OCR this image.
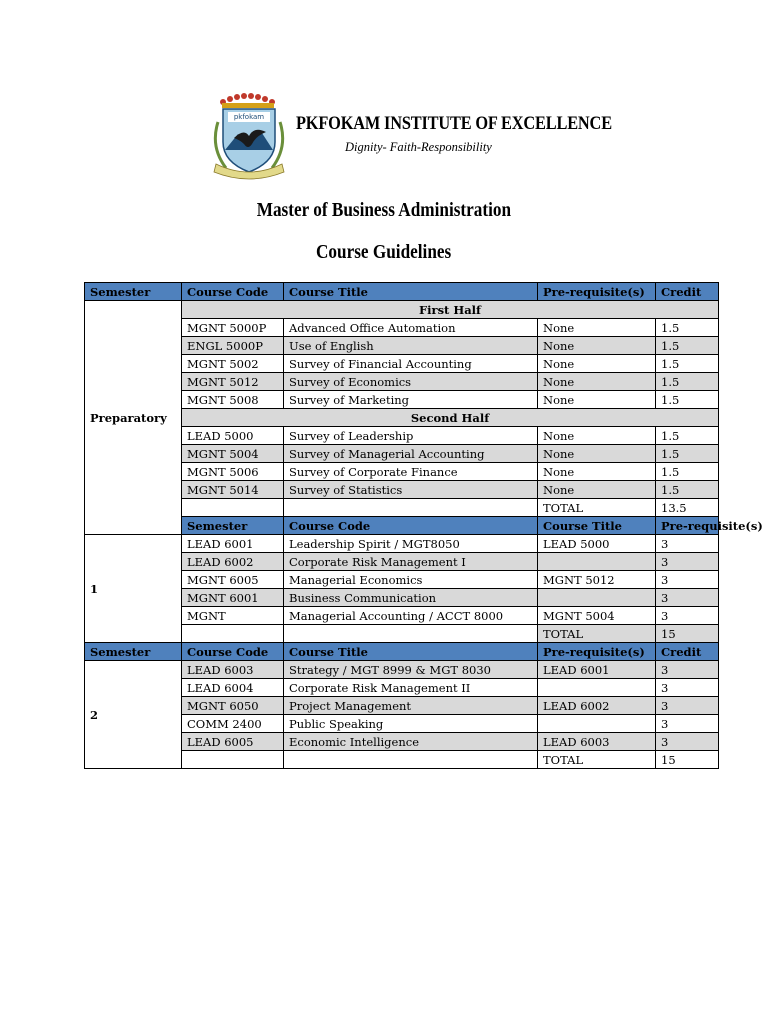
pkfokam PKFOKAM INSTITUTE OF EXCELLENCE
Dignity- Faith-Responsibility
Master of Business Administration
Course Guidelines
Semester	Course Code	Course Title	Pre-requisite(s)	Credit	
Preparatory	First Half				
	MGNT 5000P	Advanced Office Automation	None	1.5	
	ENGL 5000P	Use of English	None	1.5	
	MGNT 5002	Survey of Financial Accounting	None	1.5	
	MGNT 5012	Survey of Economics	None	1.5	
	MGNT 5008	Survey of Marketing	None	1.5	
	Second Half				
	LEAD 5000	Survey of Leadership	None	1.5	
	MGNT 5004	Survey of Managerial Accounting	None	1.5	
	MGNT 5006	Survey of Corporate Finance	None	1.5	
	MGNT 5014	Survey of Statistics	None	1.5	
			TOTAL	13.5	
	Semester	Course Code	Course Title	Pre-requisite(s)	
1	LEAD 6001	Leadership Spirit / MGT8050	LEAD 5000	3	
	LEAD 6002	Corporate Risk Management I		3	
	MGNT 6005	Managerial Economics	MGNT 5012	3	
	MGNT 6001	Business Communication		3	
	MGNT	Managerial Accounting / ACCT 8000	MGNT 5004	3	
			TOTAL	15	
Semester	Course Code	Course Title	Pre-requisite(s)	Credit	
2	LEAD 6003	Strategy / MGT 8999 & MGT 8030	LEAD 6001	3	
	LEAD 6004	Corporate Risk Management II		3	
	MGNT 6050	Project Management	LEAD 6002	3	
	COMM 2400	Public Speaking		3	
	LEAD 6005	Economic Intelligence	LEAD 6003	3	
			TOTAL	15	
